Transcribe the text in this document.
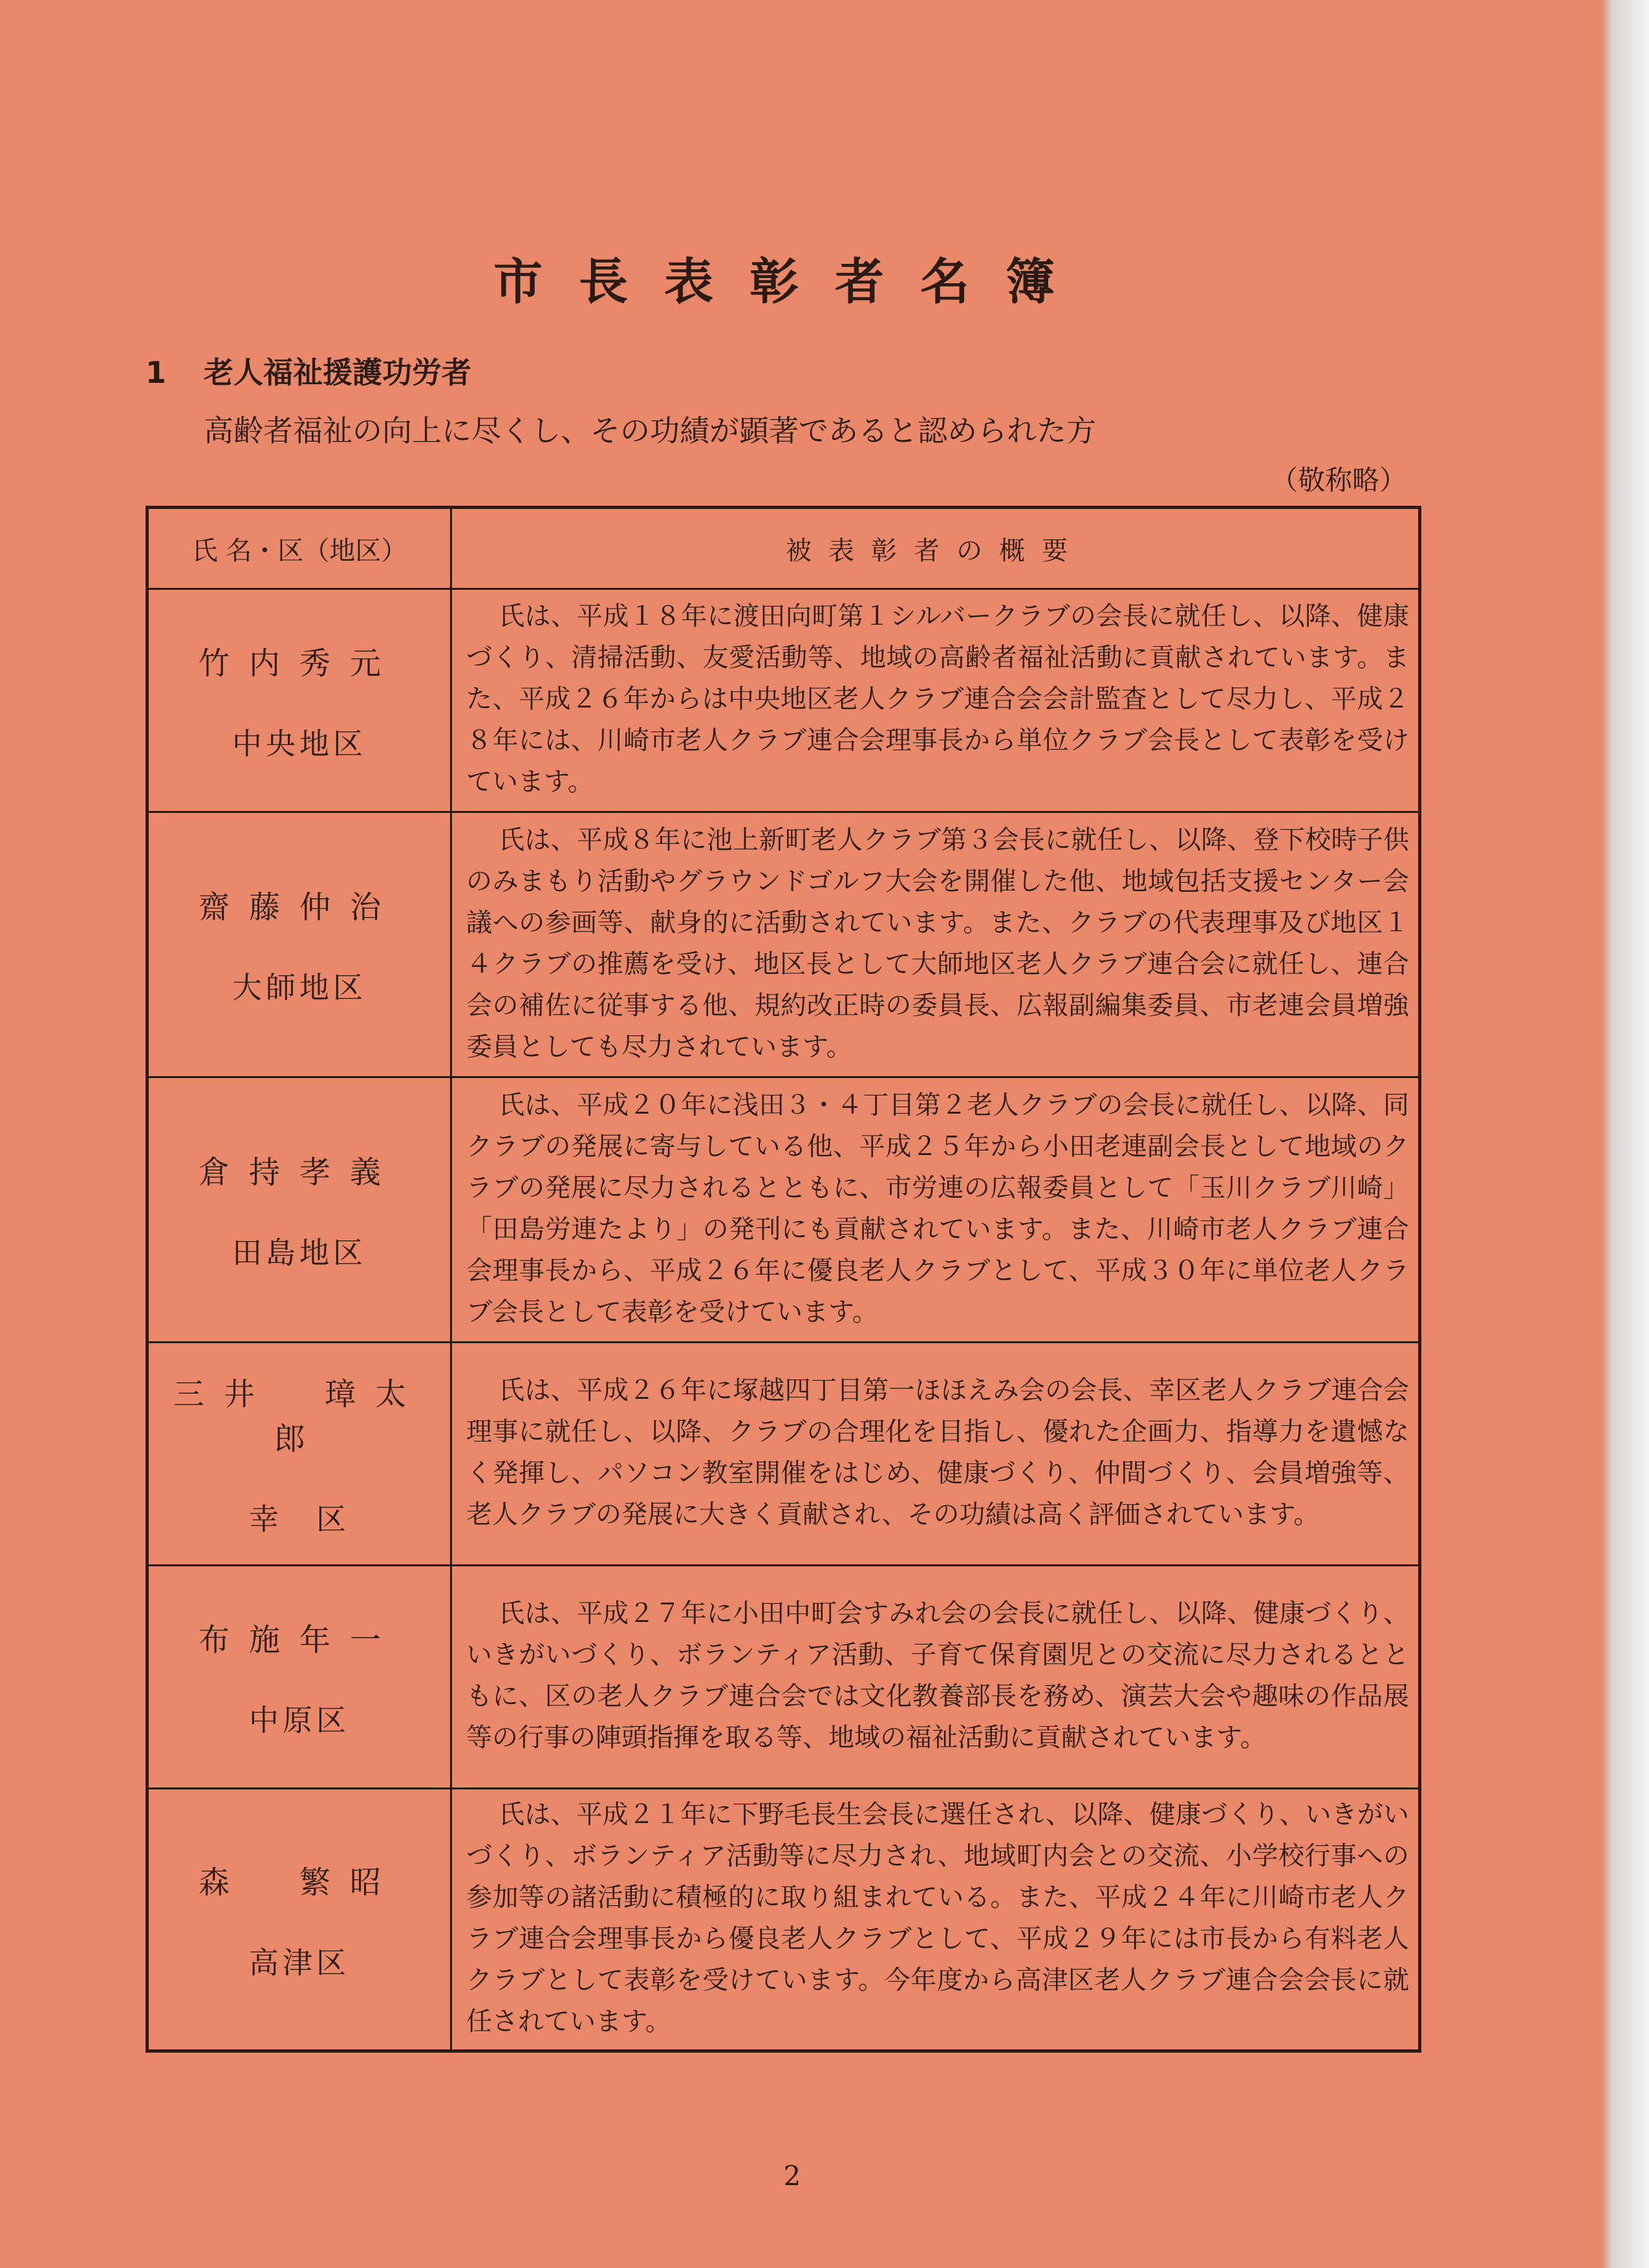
市長表彰者名簿
1 老人福祉援護功労者
高齢者福祉の向上に尽くし、その功績が顕著であると認められた方
（敬称略）
氏 名・区（地区）	被表彰者の概要

竹内秀元
中央地区	氏は、平成１８年に渡田向町第１シルバークラブの会長に就任し、以降、健康づくり、清掃活動、友愛活動等、地域の高齢者福祉活動に貢献されています。また、平成２６年からは中央地区老人クラブ連合会会計監査として尽力し、平成２８年には、川崎市老人クラブ連合会理事長から単位クラブ会長として表彰を受けています。

齋藤仲治
大師地区	氏は、平成８年に池上新町老人クラブ第３会長に就任し、以降、登下校時子供のみまもり活動やグラウンドゴルフ大会を開催した他、地域包括支援センター会議への参画等、献身的に活動されています。また、クラブの代表理事及び地区１４クラブの推薦を受け、地区長として大師地区老人クラブ連合会に就任し、連合会の補佐に従事する他、規約改正時の委員長、広報副編集委員、市老連会員増強委員としても尽力されています。

倉持孝義
田島地区	氏は、平成２０年に浅田３・４丁目第２老人クラブの会長に就任し、以降、同クラブの発展に寄与している他、平成２５年から小田老連副会長として地域のクラブの発展に尽力されるとともに、市労連の広報委員として「玉川クラブ川崎」「田島労連たより」の発刊にも貢献されています。また、川崎市老人クラブ連合会理事長から、平成２６年に優良老人クラブとして、平成３０年に単位老人クラブ会長として表彰を受けています。

三井　璋太郎
幸　区	氏は、平成２６年に塚越四丁目第一ほほえみ会の会長、幸区老人クラブ連合会理事に就任し、以降、クラブの合理化を目指し、優れた企画力、指導力を遺憾なく発揮し、パソコン教室開催をはじめ、健康づくり、仲間づくり、会員増強等、老人クラブの発展に大きく貢献され、その功績は高く評価されています。

布施年一
中原区	氏は、平成２７年に小田中町会すみれ会の会長に就任し、以降、健康づくり、いきがいづくり、ボランティア活動、子育て保育園児との交流に尽力されるとともに、区の老人クラブ連合会では文化教養部長を務め、演芸大会や趣味の作品展等の行事の陣頭指揮を取る等、地域の福祉活動に貢献されています。

森　繁昭
高津区	氏は、平成２１年に下野毛長生会長に選任され、以降、健康づくり、いきがいづくり、ボランティア活動等に尽力され、地域町内会との交流、小学校行事への参加等の諸活動に積極的に取り組まれている。また、平成２４年に川崎市老人クラブ連合会理事長から優良老人クラブとして、平成２９年には市長から有料老人クラブとして表彰を受けています。今年度から高津区老人クラブ連合会会長に就任されています。
2
